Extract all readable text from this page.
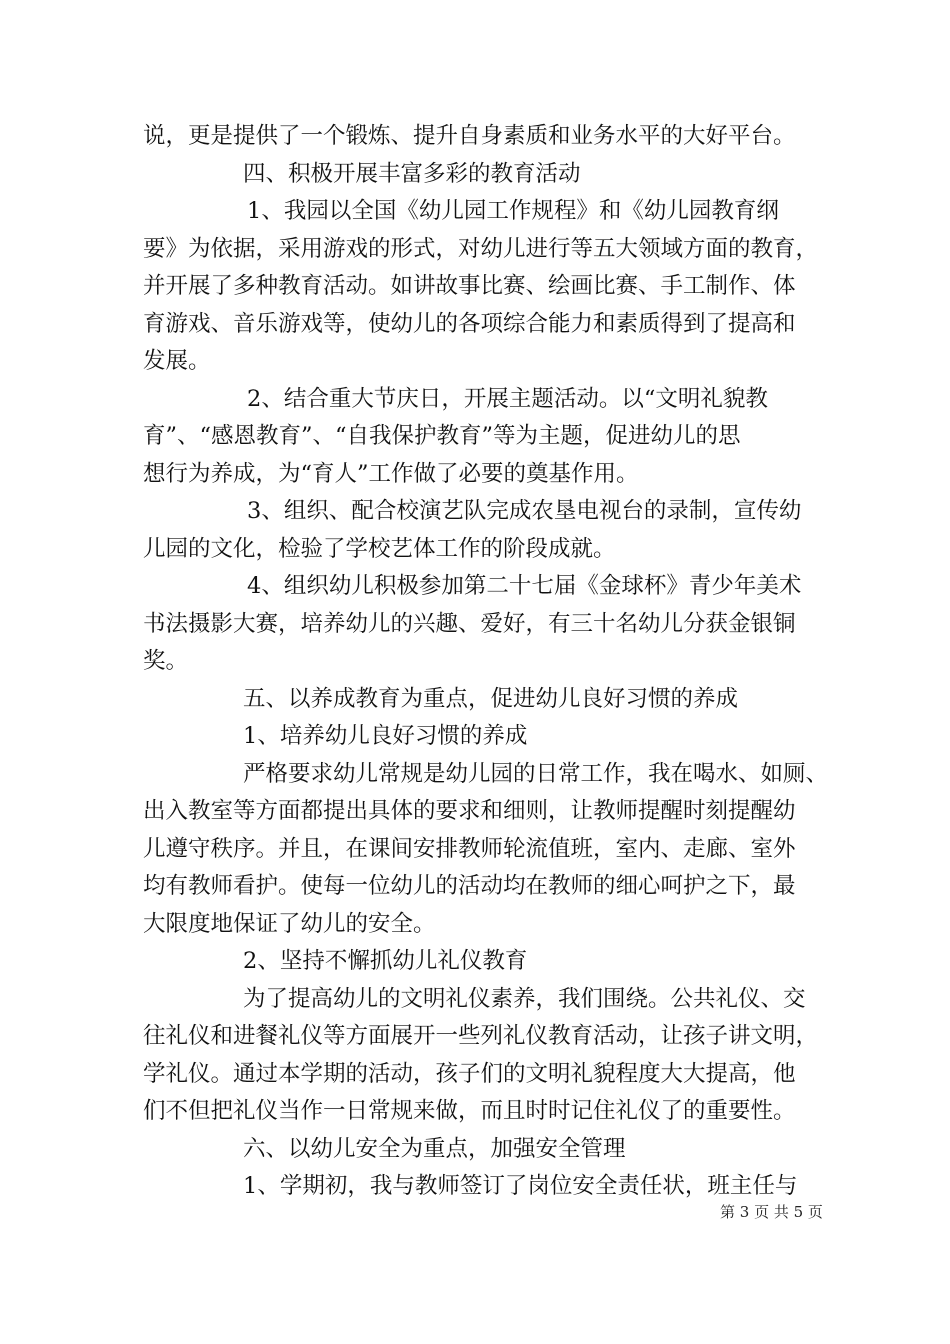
说，更是提供了一个锻炼、提升自身素质和业务水平的大好平台。
四、积极开展丰富多彩的教育活动
1、我园以全国《幼儿园工作规程》和《幼儿园教育纲
要》为依据，采用游戏的形式，对幼儿进行等五大领域方面的教育，
并开展了多种教育活动。如讲故事比赛、绘画比赛、手工制作、体
育游戏、音乐游戏等，使幼儿的各项综合能力和素质得到了提高和
发展。
2、结合重大节庆日，开展主题活动。以“文明礼貌教
育”、“感恩教育”、“自我保护教育”等为主题，促进幼儿的思
想行为养成，为“育人”工作做了必要的奠基作用。
3、组织、配合校演艺队完成农垦电视台的录制，宣传幼
儿园的文化，检验了学校艺体工作的阶段成就。
4、组织幼儿积极参加第二十七届《金球杯》青少年美术
书法摄影大赛，培养幼儿的兴趣、爱好，有三十名幼儿分获金银铜
奖。
五、以养成教育为重点，促进幼儿良好习惯的养成
1、培养幼儿良好习惯的养成
严格要求幼儿常规是幼儿园的日常工作，我在喝水、如厕、
出入教室等方面都提出具体的要求和细则，让教师提醒时刻提醒幼
儿遵守秩序。并且，在课间安排教师轮流值班，室内、走廊、室外
均有教师看护。使每一位幼儿的活动均在教师的细心呵护之下，最
大限度地保证了幼儿的安全。
2、坚持不懈抓幼儿礼仪教育
为了提高幼儿的文明礼仪素养，我们围绕。公共礼仪、交
往礼仪和进餐礼仪等方面展开一些列礼仪教育活动，让孩子讲文明，
学礼仪。通过本学期的活动，孩子们的文明礼貌程度大大提高，他
们不但把礼仪当作一日常规来做，而且时时记住礼仪了的重要性。
六、以幼儿安全为重点，加强安全管理
1、学期初，我与教师签订了岗位安全责任状，班主任与
第 3 页 共 5 页
